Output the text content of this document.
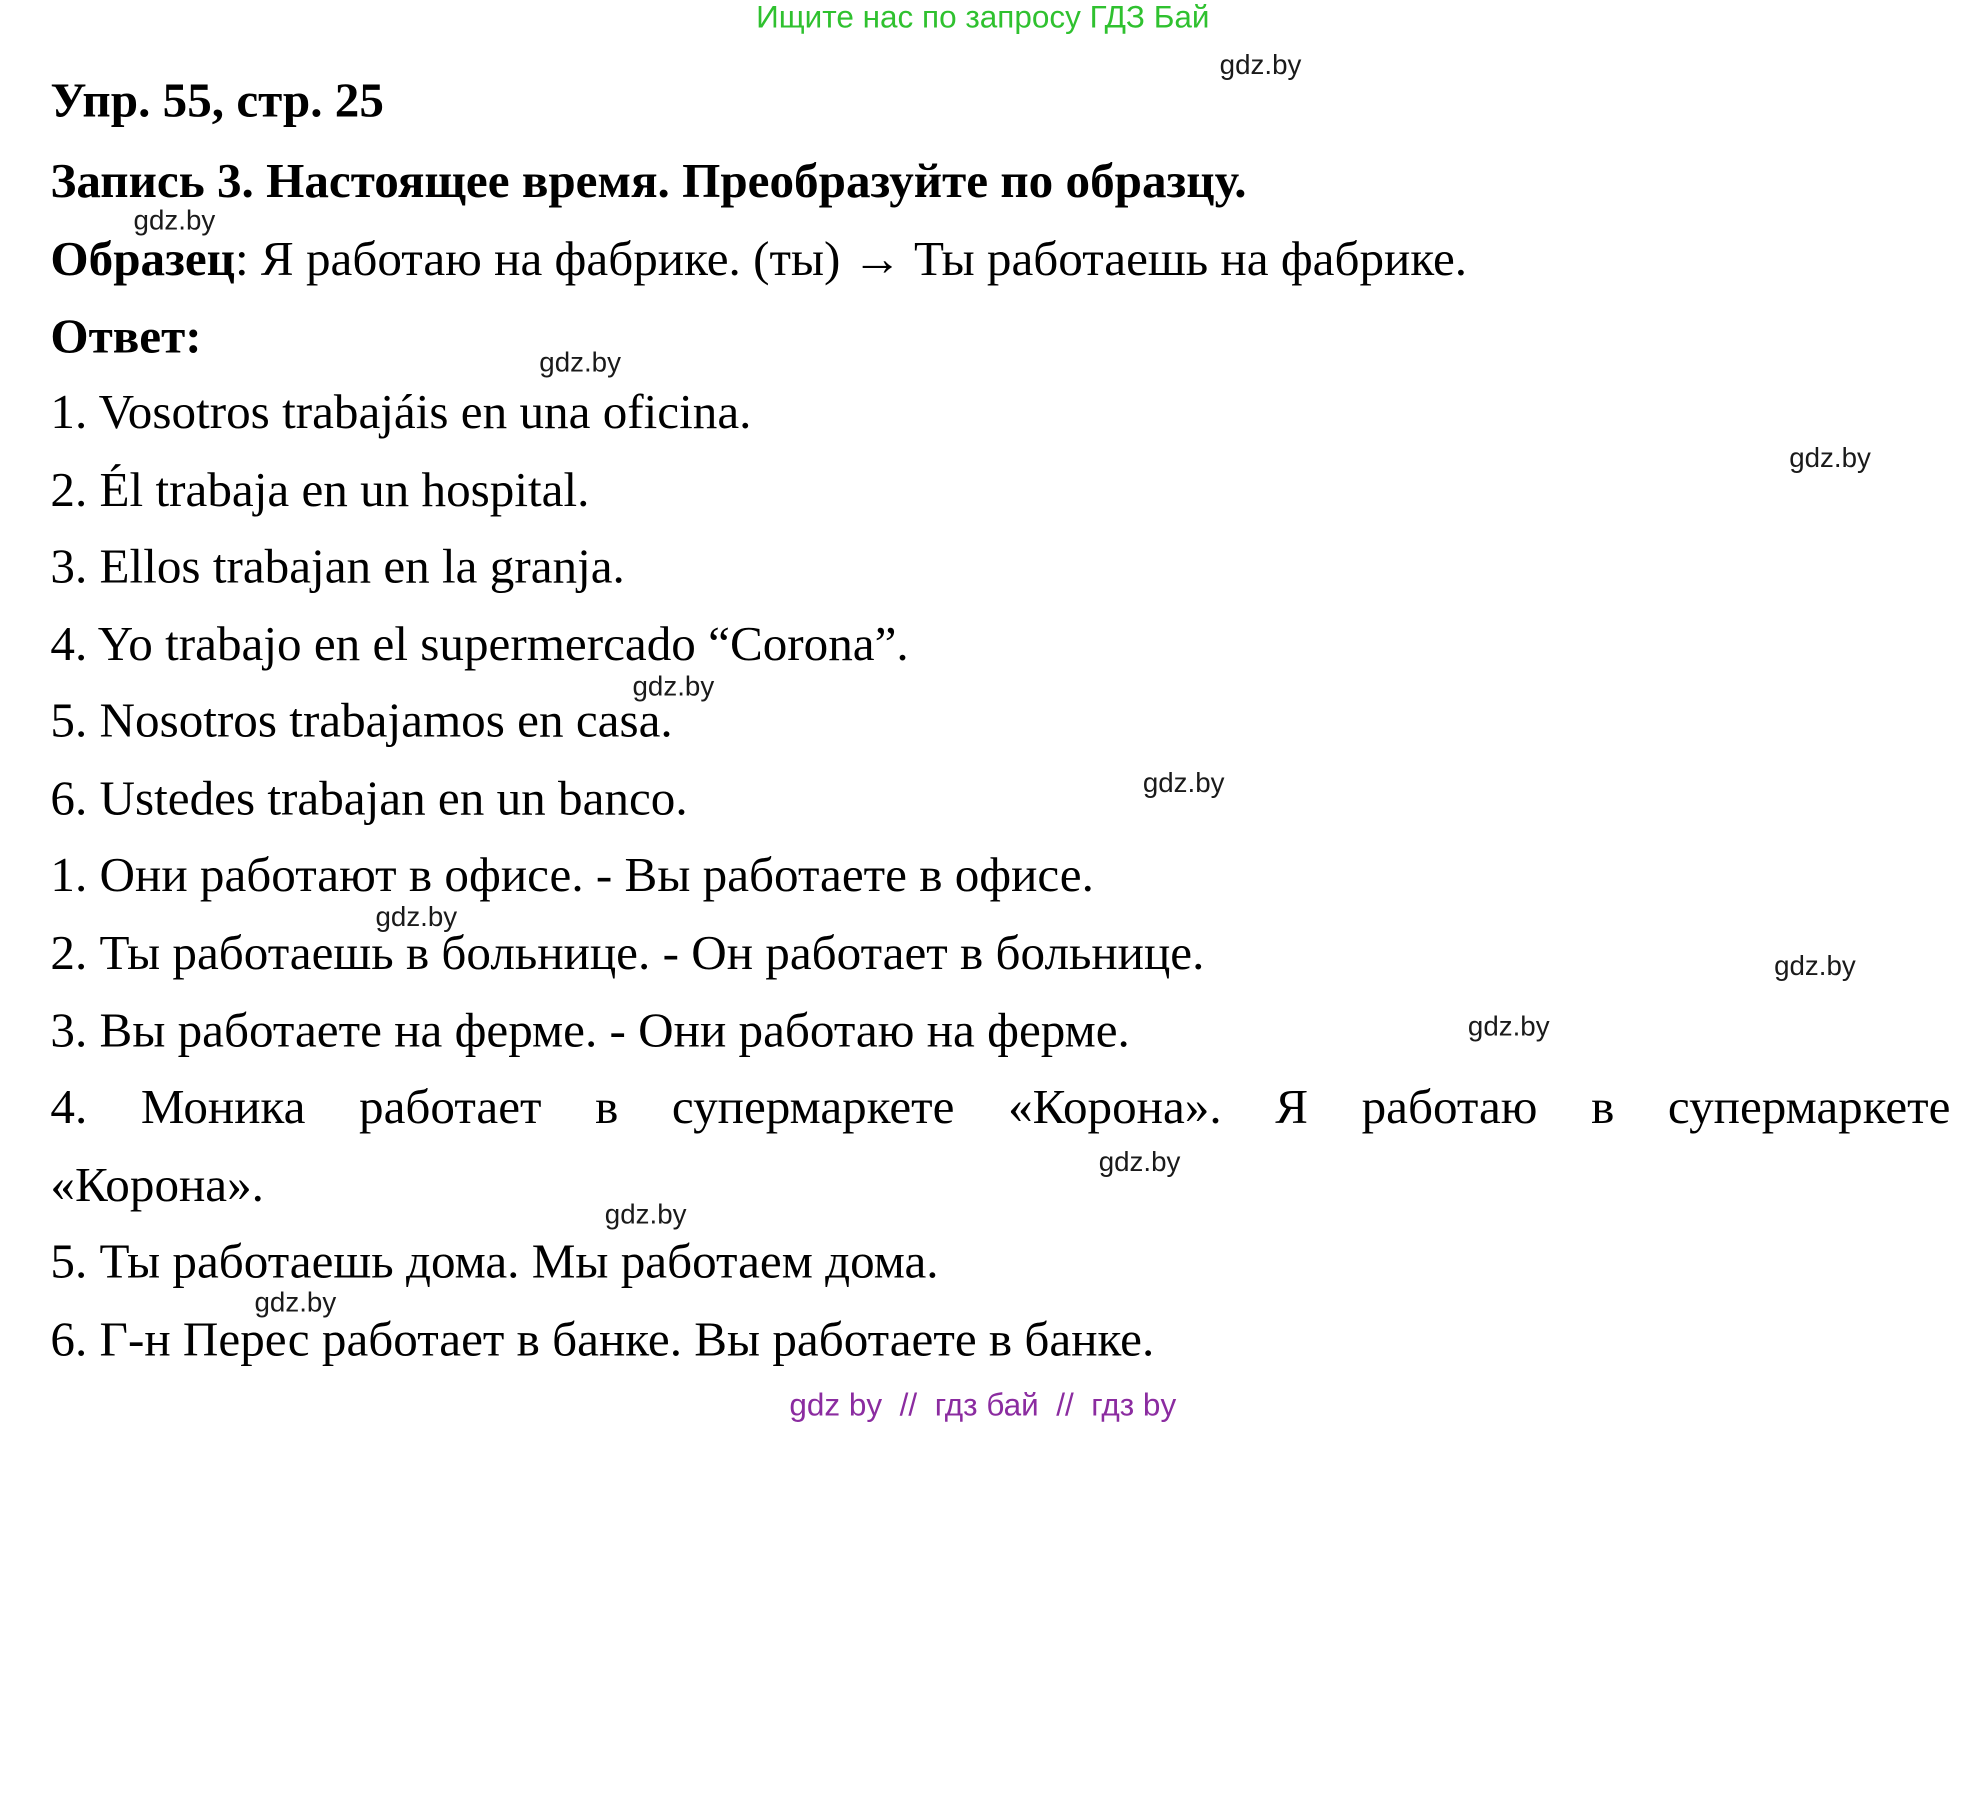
Ищите нас по запросу ГДЗ Бай
Упр. 55, стр. 25
Запись 3. Настоящее время. Преобразуйте по образцу.
Образец: Я работаю на фабрике. (ты) → Ты работаешь на фабрике.
Ответ:
1. Vosotros trabajáis en una oficina.
2. Él trabaja en un hospital.
3. Ellos trabajan en la granja.
4. Yo trabajo en el supermercado “Corona”.
5. Nosotros trabajamos en casa.
6. Ustedes trabajan en un banco.
1. Они работают в офисе. - Вы работаете в офисе.
2. Ты работаешь в больнице. - Он работает в больнице.
3. Вы работаете на ферме. - Они работаю на ферме.
4. Моника работает в супермаркете «Корона». Я работаю в супермаркете
«Корона».
5. Ты работаешь дома. Мы работаем дома.
6. Г-н Перес работает в банке. Вы работаете в банке.
gdz.by
gdz.by
gdz.by
gdz.by
gdz.by
gdz.by
gdz.by
gdz.by
gdz.by
gdz.by
gdz.by
gdz.by
gdz by  //  гдз бай  //  гдз by
